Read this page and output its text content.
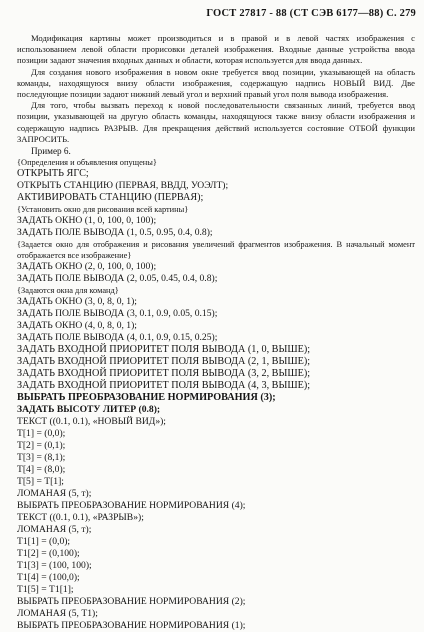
ГОСТ 27817 - 88 (СТ СЭВ 6177—88) С. 279

Модификация картины может производиться и в правой и в левой частях изображения с использованием левой области прорисовки деталей изображения. Входные данные устройства ввода позиции задают значения входных данных и области, которая используется для ввода данных.

Для создания нового изображения в новом окне требуется ввод позиции, указывающей на область команды, находящуюся внизу области изображения, содержащую надпись НОВЫЙ ВИД. Две последующие позиции задают нижний левый угол и верхний правый угол поля вывода изображения.

Для того, чтобы вызвать переход к новой последовательности связанных линий, требуется ввод позиции, указывающей на другую область команды, находящуюся также внизу области изображения и содержащую надпись РАЗРЫВ. Для прекращения действий используется состояние ОТБОЙ функции ЗАПРОСИТЬ.

Пример 6.
{Определения и объявления опущены}
ОТКРЫТЬ ЯГС;
ОТКРЫТЬ СТАНЦИЮ (ПЕРВАЯ, ВВДД, УОЭЛТ);
АКТИВИРОВАТЬ СТАНЦИЮ (ПЕРВАЯ);
{Установить окно для рисования всей картины}
ЗАДАТЬ ОКНО (1, 0, 100, 0, 100);
ЗАДАТЬ ПОЛЕ ВЫВОДА (1, 0.5, 0.95, 0.4, 0.8);
{Задается окно для отображения и рисования увеличений фрагментов изображения. В начальный момент отображается все изображение}
ЗАДАТЬ ОКНО (2, 0, 100, 0, 100);
ЗАДАТЬ ПОЛЕ ВЫВОДА (2, 0.05, 0.45, 0.4, 0.8);
{Задаются окна для команд}
ЗАДАТЬ ОКНО (3, 0, 8, 0, 1);
ЗАДАТЬ ПОЛЕ ВЫВОДА (3, 0.1, 0.9, 0.05, 0.15);
ЗАДАТЬ ОКНО (4, 0, 8, 0, 1);
ЗАДАТЬ ПОЛЕ ВЫВОДА (4, 0.1, 0.9, 0.15, 0.25);
ЗАДАТЬ ВХОДНОЙ ПРИОРИТЕТ ПОЛЯ ВЫВОДА (1, 0, ВЫШЕ);
ЗАДАТЬ ВХОДНОЙ ПРИОРИТЕТ ПОЛЯ ВЫВОДА (2, 1, ВЫШЕ);
ЗАДАТЬ ВХОДНОЙ ПРИОРИТЕТ ПОЛЯ ВЫВОДА (3, 2, ВЫШЕ);
ЗАДАТЬ ВХОДНОЙ ПРИОРИТЕТ ПОЛЯ ВЫВОДА (4, 3, ВЫШЕ);
ВЫБРАТЬ ПРЕОБРАЗОВАНИЕ НОРМИРОВАНИЯ (3);
ЗАДАТЬ ВЫСОТУ ЛИТЕР (0.8);
ТЕКСТ ((0.1, 0.1), «НОВЫЙ ВИД»);
Т[1] = (0,0);
Т[2] = (0,1);
Т[3] = (8,1);
Т[4] = (8,0);
Т[5] = Т[1];
ЛОМАНАЯ (5, т);
ВЫБРАТЬ ПРЕОБРАЗОВАНИЕ НОРМИРОВАНИЯ (4);
ТЕКСТ ((0.1, 0.1), «РАЗРЫВ»);
ЛОМАНАЯ (5, т);
Т1[1] = (0,0);
Т1[2] = (0,100);
Т1[3] = (100, 100);
Т1[4] = (100,0);
Т1[5] = Т1[1];
ВЫБРАТЬ ПРЕОБРАЗОВАНИЕ НОРМИРОВАНИЯ (2);
ЛОМАНАЯ (5, Т1);
ВЫБРАТЬ ПРЕОБРАЗОВАНИЕ НОРМИРОВАНИЯ (1);
